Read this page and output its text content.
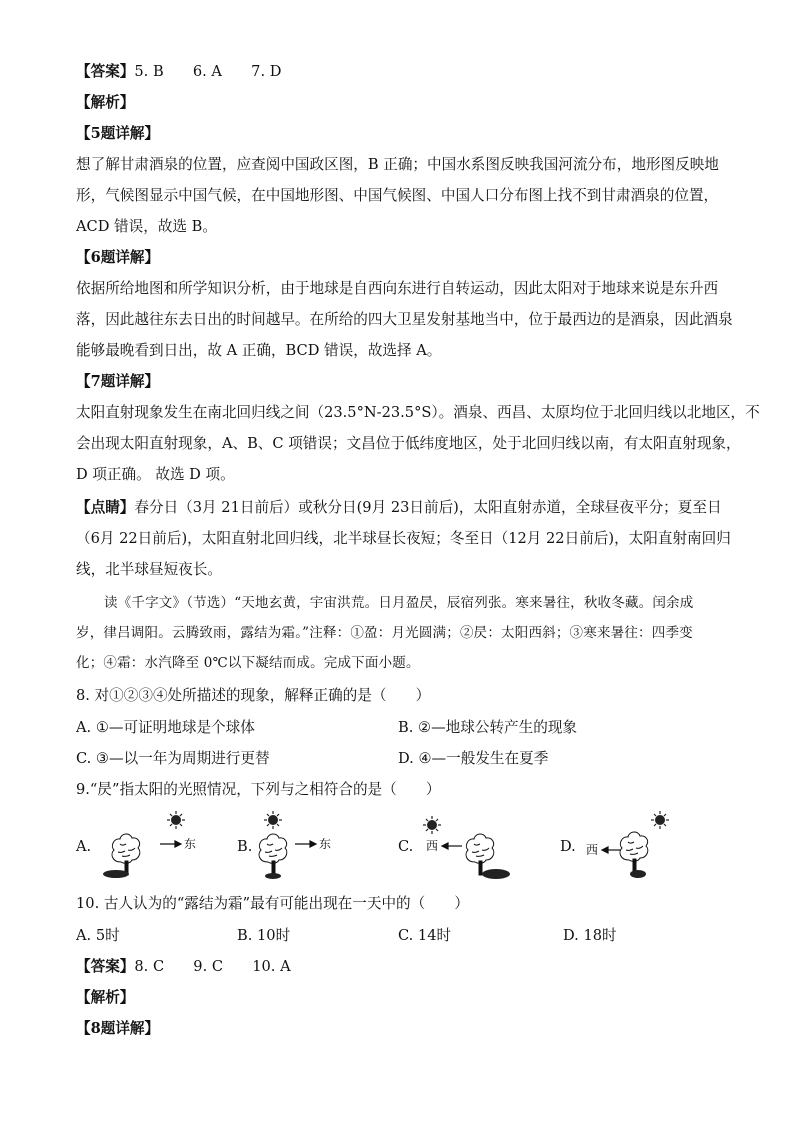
【答案】5. B　　6. A　　7. D
【解析】
【5题详解】
想了解甘肃酒泉的位置，应查阅中国政区图，B 正确；中国水系图反映我国河流分布，地形图反映地
形，气候图显示中国气候，在中国地形图、中国气候图、中国人口分布图上找不到甘肃酒泉的位置，
ACD 错误，故选 B。
【6题详解】
依据所给地图和所学知识分析，由于地球是自西向东进行自转运动，因此太阳对于地球来说是东升西
落，因此越往东去日出的时间越早。在所给的四大卫星发射基地当中，位于最西边的是酒泉，因此酒泉
能够最晚看到日出，故 A 正确，BCD 错误，故选择 A。
【7题详解】
太阳直射现象发生在南北回归线之间（23.5°N-23.5°S）。酒泉、西昌、太原均位于北回归线以北地区，不
会出现太阳直射现象，A、B、C 项错误；文昌位于低纬度地区，处于北回归线以南，有太阳直射现象，
D 项正确。 故选 D 项。
【点睛】春分日（3月 21日前后）或秋分日(9月 23日前后)，太阳直射赤道，全球昼夜平分；夏至日
（6月 22日前后)，太阳直射北回归线，北半球昼长夜短；冬至日（12月 22日前后)，太阳直射南回归
线，北半球昼短夜长。
读《千字文》（节选）“天地玄黄，宇宙洪荒。日月盈昃，辰宿列张。寒来暑往，秋收冬藏。闰余成
岁，律吕调阳。云腾致雨，露结为霜。”注释：①盈：月光圆满；②昃：太阳西斜；③寒来暑往：四季变
化；④霜：水汽降至 0℃以下凝结而成。完成下面小题。
8. 对①②③④处所描述的现象，解释正确的是（　　）
A. ①—可证明地球是个球体	B. ②—地球公转产生的现象
C. ③—以一年为周期进行更替	D. ④—一般发生在夏季
9.“昃”指太阳的光照情况，下列与之相符合的是（　　）
A.	东	B.	东	C. 西	D. 西
10. 古人认为的“露结为霜”最有可能出现在一天中的（　　）
A. 5时	B. 10时	C. 14时	D. 18时
【答案】8. C　　9. C　　10. A
【解析】
【8题详解】
